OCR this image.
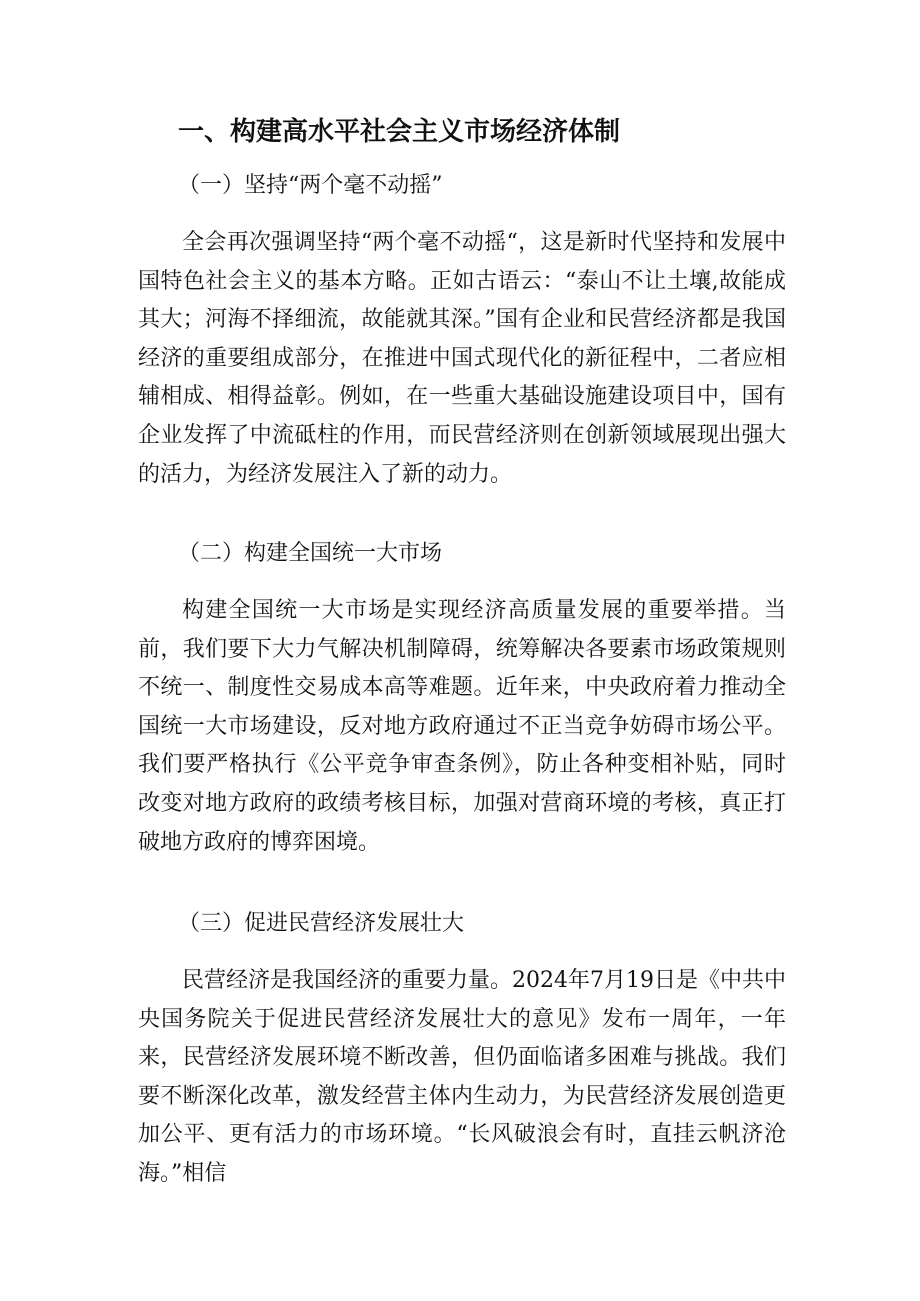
一、构建高水平社会主义市场经济体制
（一）坚持“两个毫不动摇”

全会再次强调坚持“两个毫不动摇“，这是新时代坚持和发展中国特色社会主义的基本方略。正如古语云：“泰山不让土壤,故能成其大；河海不择细流，故能就其深。”国有企业和民营经济都是我国经济的重要组成部分，在推进中国式现代化的新征程中，二者应相辅相成、相得益彰。例如，在一些重大基础设施建设项目中，国有企业发挥了中流砥柱的作用，而民营经济则在创新领域展现出强大的活力，为经济发展注入了新的动力。

（二）构建全国统一大市场

构建全国统一大市场是实现经济高质量发展的重要举措。当前，我们要下大力气解决机制障碍，统筹解决各要素市场政策规则不统一、制度性交易成本高等难题。近年来，中央政府着力推动全国统一大市场建设，反对地方政府通过不正当竞争妨碍市场公平。我们要严格执行《公平竞争审查条例》，防止各种变相补贴，同时改变对地方政府的政绩考核目标，加强对营商环境的考核，真正打破地方政府的博弈困境。

（三）促进民营经济发展壮大

民营经济是我国经济的重要力量。2024年7月19日是《中共中央国务院关于促进民营经济发展壮大的意见》发布一周年，一年来，民营经济发展环境不断改善，但仍面临诸多困难与挑战。我们要不断深化改革，激发经营主体内生动力，为民营经济发展创造更加公平、更有活力的市场环境。“长风破浪会有时，直挂云帆济沧海。”相信
